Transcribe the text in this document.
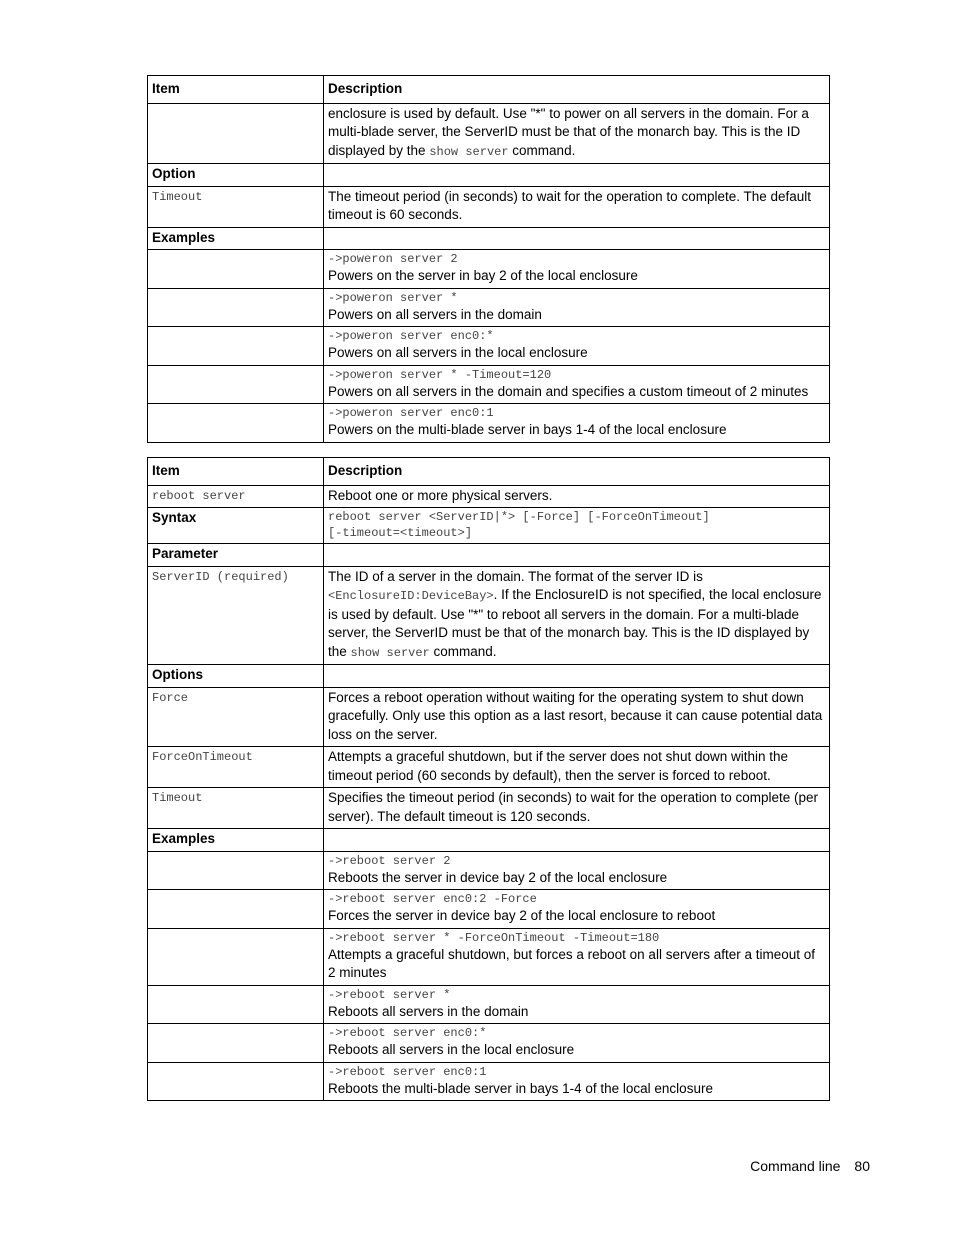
Item	Description
	enclosure is used by default. Use "*" to power on all servers in the domain. For a multi-blade server, the ServerID must be that of the monarch bay. This is the ID displayed by the show server command.
Option	
Timeout	The timeout period (in seconds) to wait for the operation to complete. The default timeout is 60 seconds.
Examples	

	->poweron server 2
Powers on the server in bay 2 of the local enclosure

	->poweron server *
Powers on all servers in the domain

	->poweron server enc0:*
Powers on all servers in the local enclosure

	->poweron server * -Timeout=120
Powers on all servers in the domain and specifies a custom timeout of 2 minutes

	->poweron server enc0:1
Powers on the multi-blade server in bays 1-4 of the local enclosure
Item	Description
reboot server	Reboot one or more physical servers.
Syntax	reboot server <ServerID|*> [-Force] [-ForceOnTimeout]
[-timeout=<timeout>]

Parameter	
ServerID (required)	The ID of a server in the domain. The format of the server ID is <EnclosureID:DeviceBay>. If the EnclosureID is not specified, the local enclosure is used by default. Use "*" to reboot all servers in the domain. For a multi-blade server, the ServerID must be that of the monarch bay. This is the ID displayed by the show server command.
Options	
Force	Forces a reboot operation without waiting for the operating system to shut down gracefully. Only use this option as a last resort, because it can cause potential data loss on the server.
ForceOnTimeout	Attempts a graceful shutdown, but if the server does not shut down within the timeout period (60 seconds by default), then the server is forced to reboot.
Timeout	Specifies the timeout period (in seconds) to wait for the operation to complete (per server). The default timeout is 120 seconds.
Examples	

	->reboot server 2
Reboots the server in device bay 2 of the local enclosure

	->reboot server enc0:2 -Force
Forces the server in device bay 2 of the local enclosure to reboot

	->reboot server * -ForceOnTimeout -Timeout=180
Attempts a graceful shutdown, but forces a reboot on all servers after a timeout of 2 minutes

	->reboot server *
Reboots all servers in the domain

	->reboot server enc0:*
Reboots all servers in the local enclosure

	->reboot server enc0:1
Reboots the multi-blade server in bays 1-4 of the local enclosure
Command line 80
